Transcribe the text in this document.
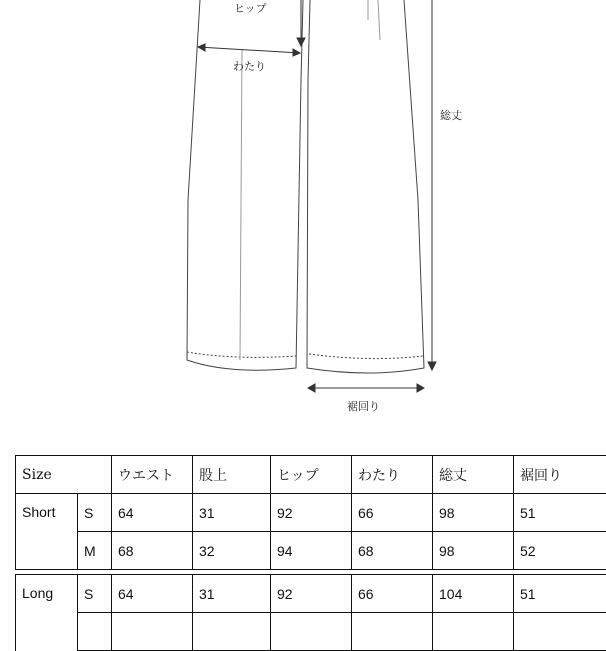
ヒップ
わたり
総丈
裾回り
Size		ウエスト	股上	ヒップ	わたり	総丈	裾回り
Short	S	64	31	92	66	98	51
	M	68	32	94	68	98	52

Long	S	64	31	92	66	104	51
